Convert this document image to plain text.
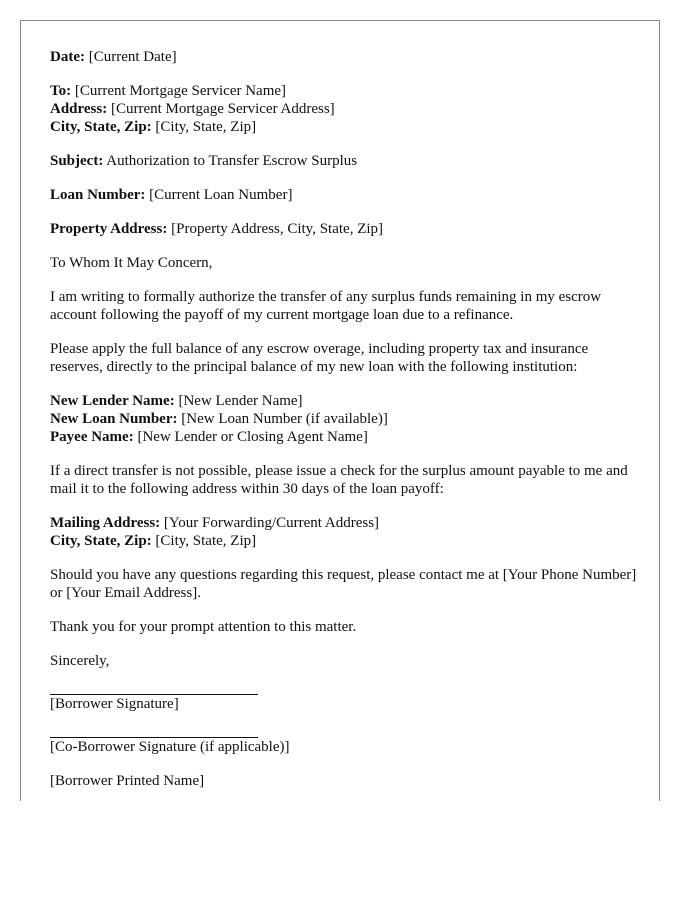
Date: [Current Date]

To: [Current Mortgage Servicer Name]
Address: [Current Mortgage Servicer Address]
City, State, Zip: [City, State, Zip]

Subject: Authorization to Transfer Escrow Surplus

Loan Number: [Current Loan Number]

Property Address: [Property Address, City, State, Zip]

To Whom It May Concern,

I am writing to formally authorize the transfer of any surplus funds remaining in my escrow account following the payoff of my current mortgage loan due to a refinance.

Please apply the full balance of any escrow overage, including property tax and insurance reserves, directly to the principal balance of my new loan with the following institution:

New Lender Name: [New Lender Name]
New Loan Number: [New Loan Number (if available)]
Payee Name: [New Lender or Closing Agent Name]

If a direct transfer is not possible, please issue a check for the surplus amount payable to me and mail it to the following address within 30 days of the loan payoff:

Mailing Address: [Your Forwarding/Current Address]
City, State, Zip: [City, State, Zip]

Should you have any questions regarding this request, please contact me at [Your Phone Number] or [Your Email Address].

Thank you for your prompt attention to this matter.

Sincerely,

[Borrower Signature]
[Co-Borrower Signature (if applicable)]

[Borrower Printed Name]
